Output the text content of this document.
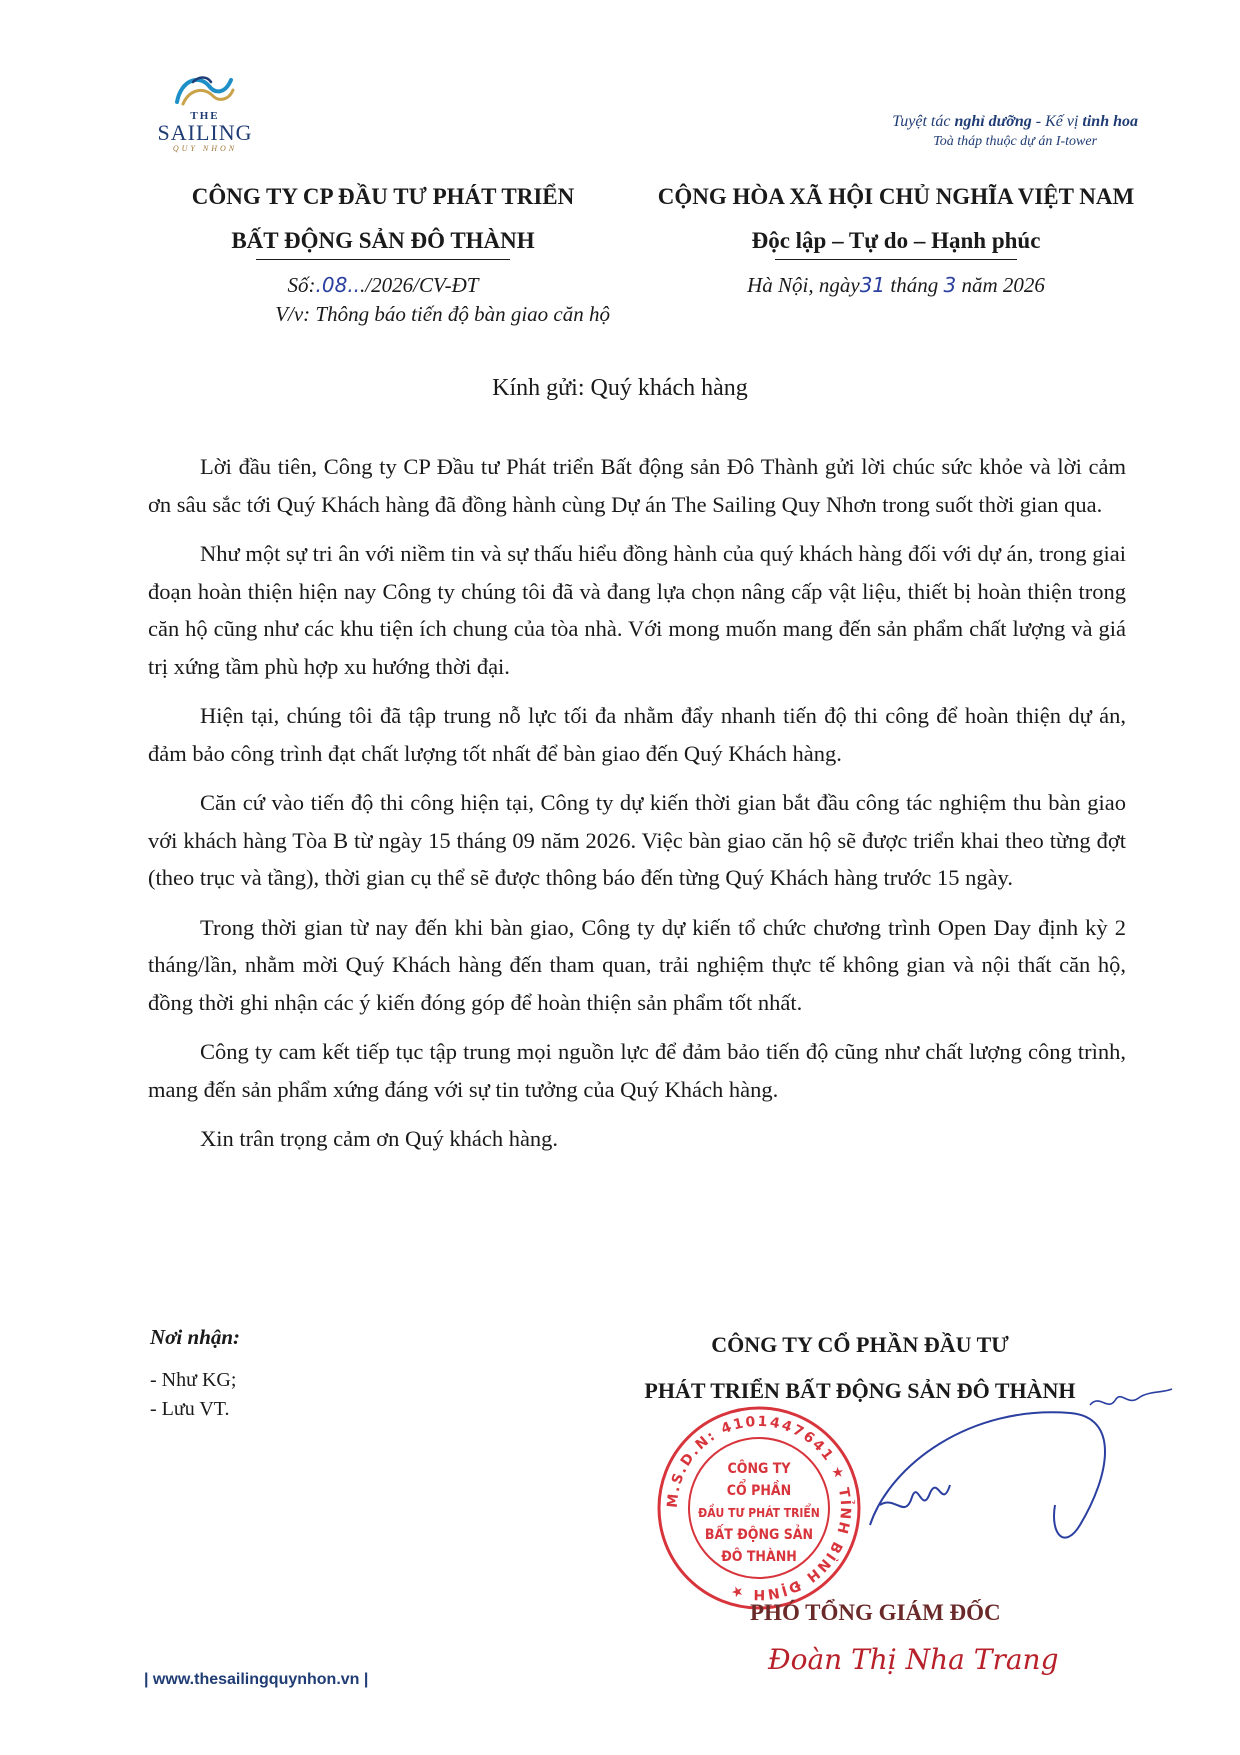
THE
SAILING
QUY NHON
Tuyệt tác nghỉ dưỡng - Kế vị tinh hoa
Toà tháp thuộc dự án I-tower
CÔNG TY CP ĐẦU TƯ PHÁT TRIỂN
BẤT ĐỘNG SẢN ĐÔ THÀNH
Số:.08.../2026/CV-ĐT
V/v: Thông báo tiến độ bàn giao căn hộ
CỘNG HÒA XÃ HỘI CHỦ NGHĨA VIỆT NAM
Độc lập – Tự do – Hạnh phúc
Hà Nội, ngày31 tháng 3 năm 2026
Kính gửi: Quý khách hàng

Lời đầu tiên, Công ty CP Đầu tư Phát triển Bất động sản Đô Thành gửi lời chúc sức khỏe và lời cảm ơn sâu sắc tới Quý Khách hàng đã đồng hành cùng Dự án The Sailing Quy Nhơn trong suốt thời gian qua.

Như một sự tri ân với niềm tin và sự thấu hiểu đồng hành của quý khách hàng đối với dự án, trong giai đoạn hoàn thiện hiện nay Công ty chúng tôi đã và đang lựa chọn nâng cấp vật liệu, thiết bị hoàn thiện trong căn hộ cũng như các khu tiện ích chung của tòa nhà. Với mong muốn mang đến sản phẩm chất lượng và giá trị xứng tầm phù hợp xu hướng thời đại.

Hiện tại, chúng tôi đã tập trung nỗ lực tối đa nhằm đẩy nhanh tiến độ thi công để hoàn thiện dự án, đảm bảo công trình đạt chất lượng tốt nhất để bàn giao đến Quý Khách hàng.

Căn cứ vào tiến độ thi công hiện tại, Công ty dự kiến thời gian bắt đầu công tác nghiệm thu bàn giao với khách hàng Tòa B từ ngày 15 tháng 09 năm 2026. Việc bàn giao căn hộ sẽ được triển khai theo từng đợt (theo trục và tầng), thời gian cụ thể sẽ được thông báo đến từng Quý Khách hàng trước 15 ngày.

Trong thời gian từ nay đến khi bàn giao, Công ty dự kiến tổ chức chương trình Open Day định kỳ 2 tháng/lần, nhằm mời Quý Khách hàng đến tham quan, trải nghiệm thực tế không gian và nội thất căn hộ, đồng thời ghi nhận các ý kiến đóng góp để hoàn thiện sản phẩm tốt nhất.

Công ty cam kết tiếp tục tập trung mọi nguồn lực để đảm bảo tiến độ cũng như chất lượng công trình, mang đến sản phẩm xứng đáng với sự tin tưởng của Quý Khách hàng.

Xin trân trọng cảm ơn Quý khách hàng.

Nơi nhận:
- Như KG;
- Lưu VT.
CÔNG TY CỔ PHẦN ĐẦU TƯ
PHÁT TRIỂN BẤT ĐỘNG SẢN ĐÔ THÀNH
M.S.D.N: 4101447641 ★ TỈNH BÌNH ĐỊNH ★
CÔNG TY
CỔ PHẦN
ĐẦU TƯ PHÁT TRIỂN
BẤT ĐỘNG SẢN
ĐÔ THÀNH
PHÓ TỔNG GIÁM ĐỐC
Đoàn Thị Nha Trang
| www.thesailingquynhon.vn |
